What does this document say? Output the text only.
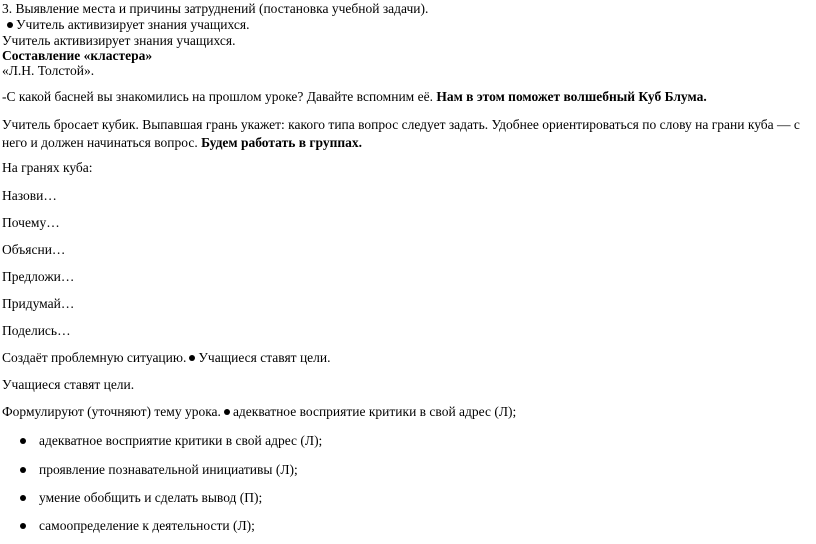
3. Выявление места и причины затруднений (постановка учебной задачи).
Учитель активизирует знания учащихся.
Учитель активизирует знания учащихся.
Составление «кластера»
«Л.Н. Толстой».
-С какой басней вы знакомились на прошлом уроке? Давайте вспомним её. Нам в этом поможет волшебный Куб Блума.
Учитель бросает кубик. Выпавшая грань укажет: какого типа вопрос следует задать. Удобнее ориентироваться по слову на грани куба — с него и должен начинаться вопрос. Будем работать в группах.
На гранях куба:
Назови…
Почему…
Объясни…
Предложи…
Придумай…
Поделись…
Создаёт проблемную ситуацию. Учащиеся ставят цели.
Учащиеся ставят цели.
Формулируют (уточняют) тему урока. адекватное восприятие критики в свой адрес (Л);
адекватное восприятие критики в свой адрес (Л);
проявление познавательной инициативы (Л);
умение обобщить и сделать вывод (П);
самоопределение к деятельности (Л);
